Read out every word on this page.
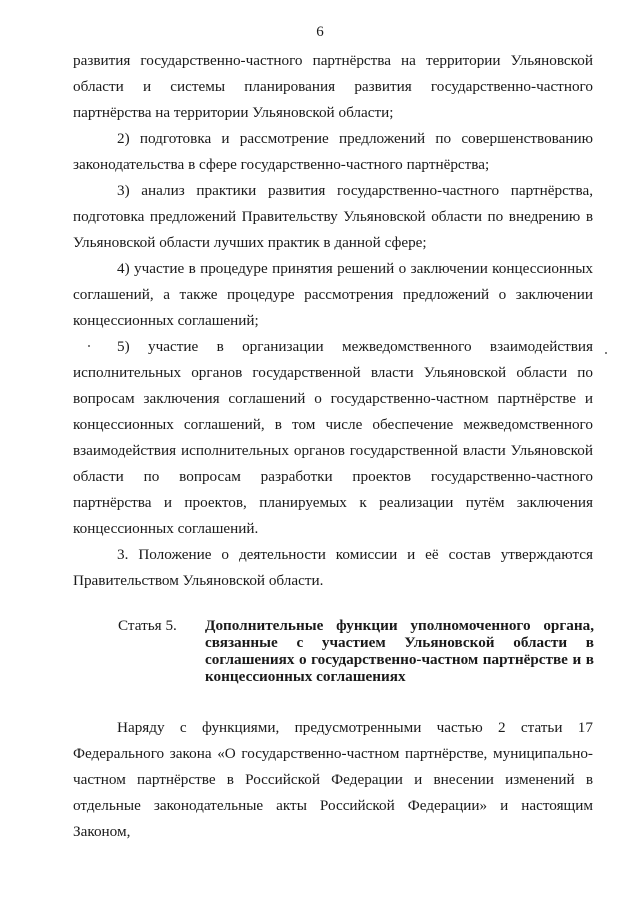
6

развития государственно-частного партнёрства на территории Ульяновской области и системы планирования развития государственно-частного партнёрства на территории Ульяновской области;

2) подготовка и рассмотрение предложений по совершенствованию законодательства в сфере государственно-частного партнёрства;

3) анализ практики развития государственно-частного партнёрства, подготовка предложений Правительству Ульяновской области по внедрению в Ульяновской области лучших практик в данной сфере;

4) участие в процедуре принятия решений о заключении концессионных соглашений, а также процедуре рассмотрения предложений о заключении концессионных соглашений;

5) участие в организации межведомственного взаимодействия исполнительных органов государственной власти Ульяновской области по вопросам заключения соглашений о государственно-частном партнёрстве и концессионных соглашений, в том числе обеспечение межведомственного взаимодействия исполнительных органов государственной власти Ульяновской области по вопросам разработки проектов государственно-частного партнёрства и проектов, планируемых к реализации путём заключения концессионных соглашений.

3. Положение о деятельности комиссии и её состав утверждаются Правительством Ульяновской области.

Статья 5.	Дополнительные функции уполномоченного органа, связанные с участием Ульяновской области в соглашениях о государственно-частном партнёрстве и в концессионных соглашениях

Наряду с функциями, предусмотренными частью 2 статьи 17 Федерального закона «О государственно-частном партнёрстве, муниципально-частном партнёрстве в Российской Федерации и внесении изменений в отдельные законодательные акты Российской Федерации» и настоящим Законом,
